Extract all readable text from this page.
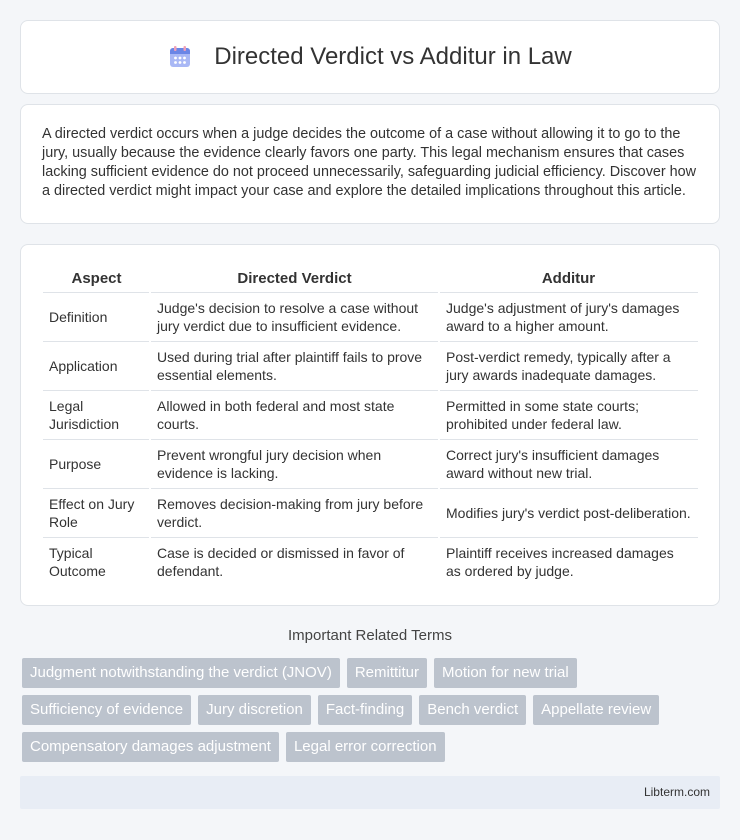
Directed Verdict vs Additur in Law

A directed verdict occurs when a judge decides the outcome of a case without allowing it to go to the jury, usually because the evidence clearly favors one party. This legal mechanism ensures that cases lacking sufficient evidence do not proceed unnecessarily, safeguarding judicial efficiency. Discover how a directed verdict might impact your case and explore the detailed implications throughout this article.

Aspect	Directed Verdict	Additur
Definition	Judge's decision to resolve a case without jury verdict due to insufficient evidence.	Judge's adjustment of jury's damages award to a higher amount.
Application	Used during trial after plaintiff fails to prove essential elements.	Post-verdict remedy, typically after a jury awards inadequate damages.
Legal Jurisdiction	Allowed in both federal and most state courts.	Permitted in some state courts; prohibited under federal law.
Purpose	Prevent wrongful jury decision when evidence is lacking.	Correct jury's insufficient damages award without new trial.
Effect on Jury Role	Removes decision-making from jury before verdict.	Modifies jury's verdict post-deliberation.
Typical Outcome	Case is decided or dismissed in favor of defendant.	Plaintiff receives increased damages as ordered by judge.
Important Related Terms
Judgment notwithstanding the verdict (JNOV)	Remittitur	Motion for new trial
Sufficiency of evidence	Jury discretion	Fact-finding	Bench verdict	Appellate review
Compensatory damages adjustment	Legal error correction
Libterm.com
